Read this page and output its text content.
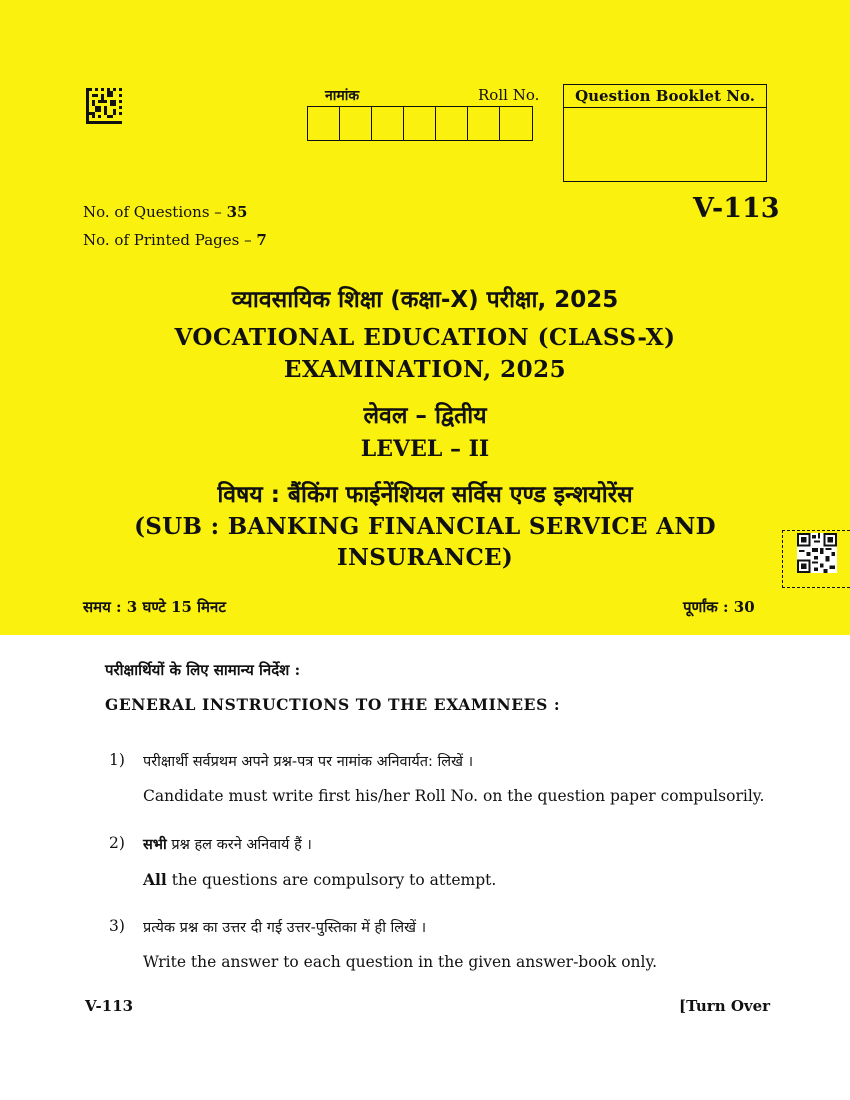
नामांक	Roll No.	Question Booklet No.
V-113
No. of Questions – 35
No. of Printed Pages – 7
व्यावसायिक शिक्षा (कक्षा-X) परीक्षा, 2025
VOCATIONAL EDUCATION (CLASS-X)
EXAMINATION, 2025
लेवल – द्वितीय
LEVEL – II
विषय : बैंकिंग फाईनेंशियल सर्विस एण्ड इन्शयोरेंस
(SUB : BANKING FINANCIAL SERVICE AND
INSURANCE)
समय : 3 घण्टे 15 मिनट	पूर्णांक : 30
परीक्षार्थियों के लिए सामान्य निर्देश :
GENERAL INSTRUCTIONS TO THE EXAMINEES :
1) परीक्षार्थी सर्वप्रथम अपने प्रश्न-पत्र पर नामांक अनिवार्यत: लिखें ।
Candidate must write first his/her Roll No. on the question paper compulsorily.
2) सभी प्रश्न हल करने अनिवार्य हैं ।
All the questions are compulsory to attempt.
3) प्रत्येक प्रश्न का उत्तर दी गई उत्तर-पुस्तिका में ही लिखें ।
Write the answer to each question in the given answer-book only.
V-113	[Turn Over
